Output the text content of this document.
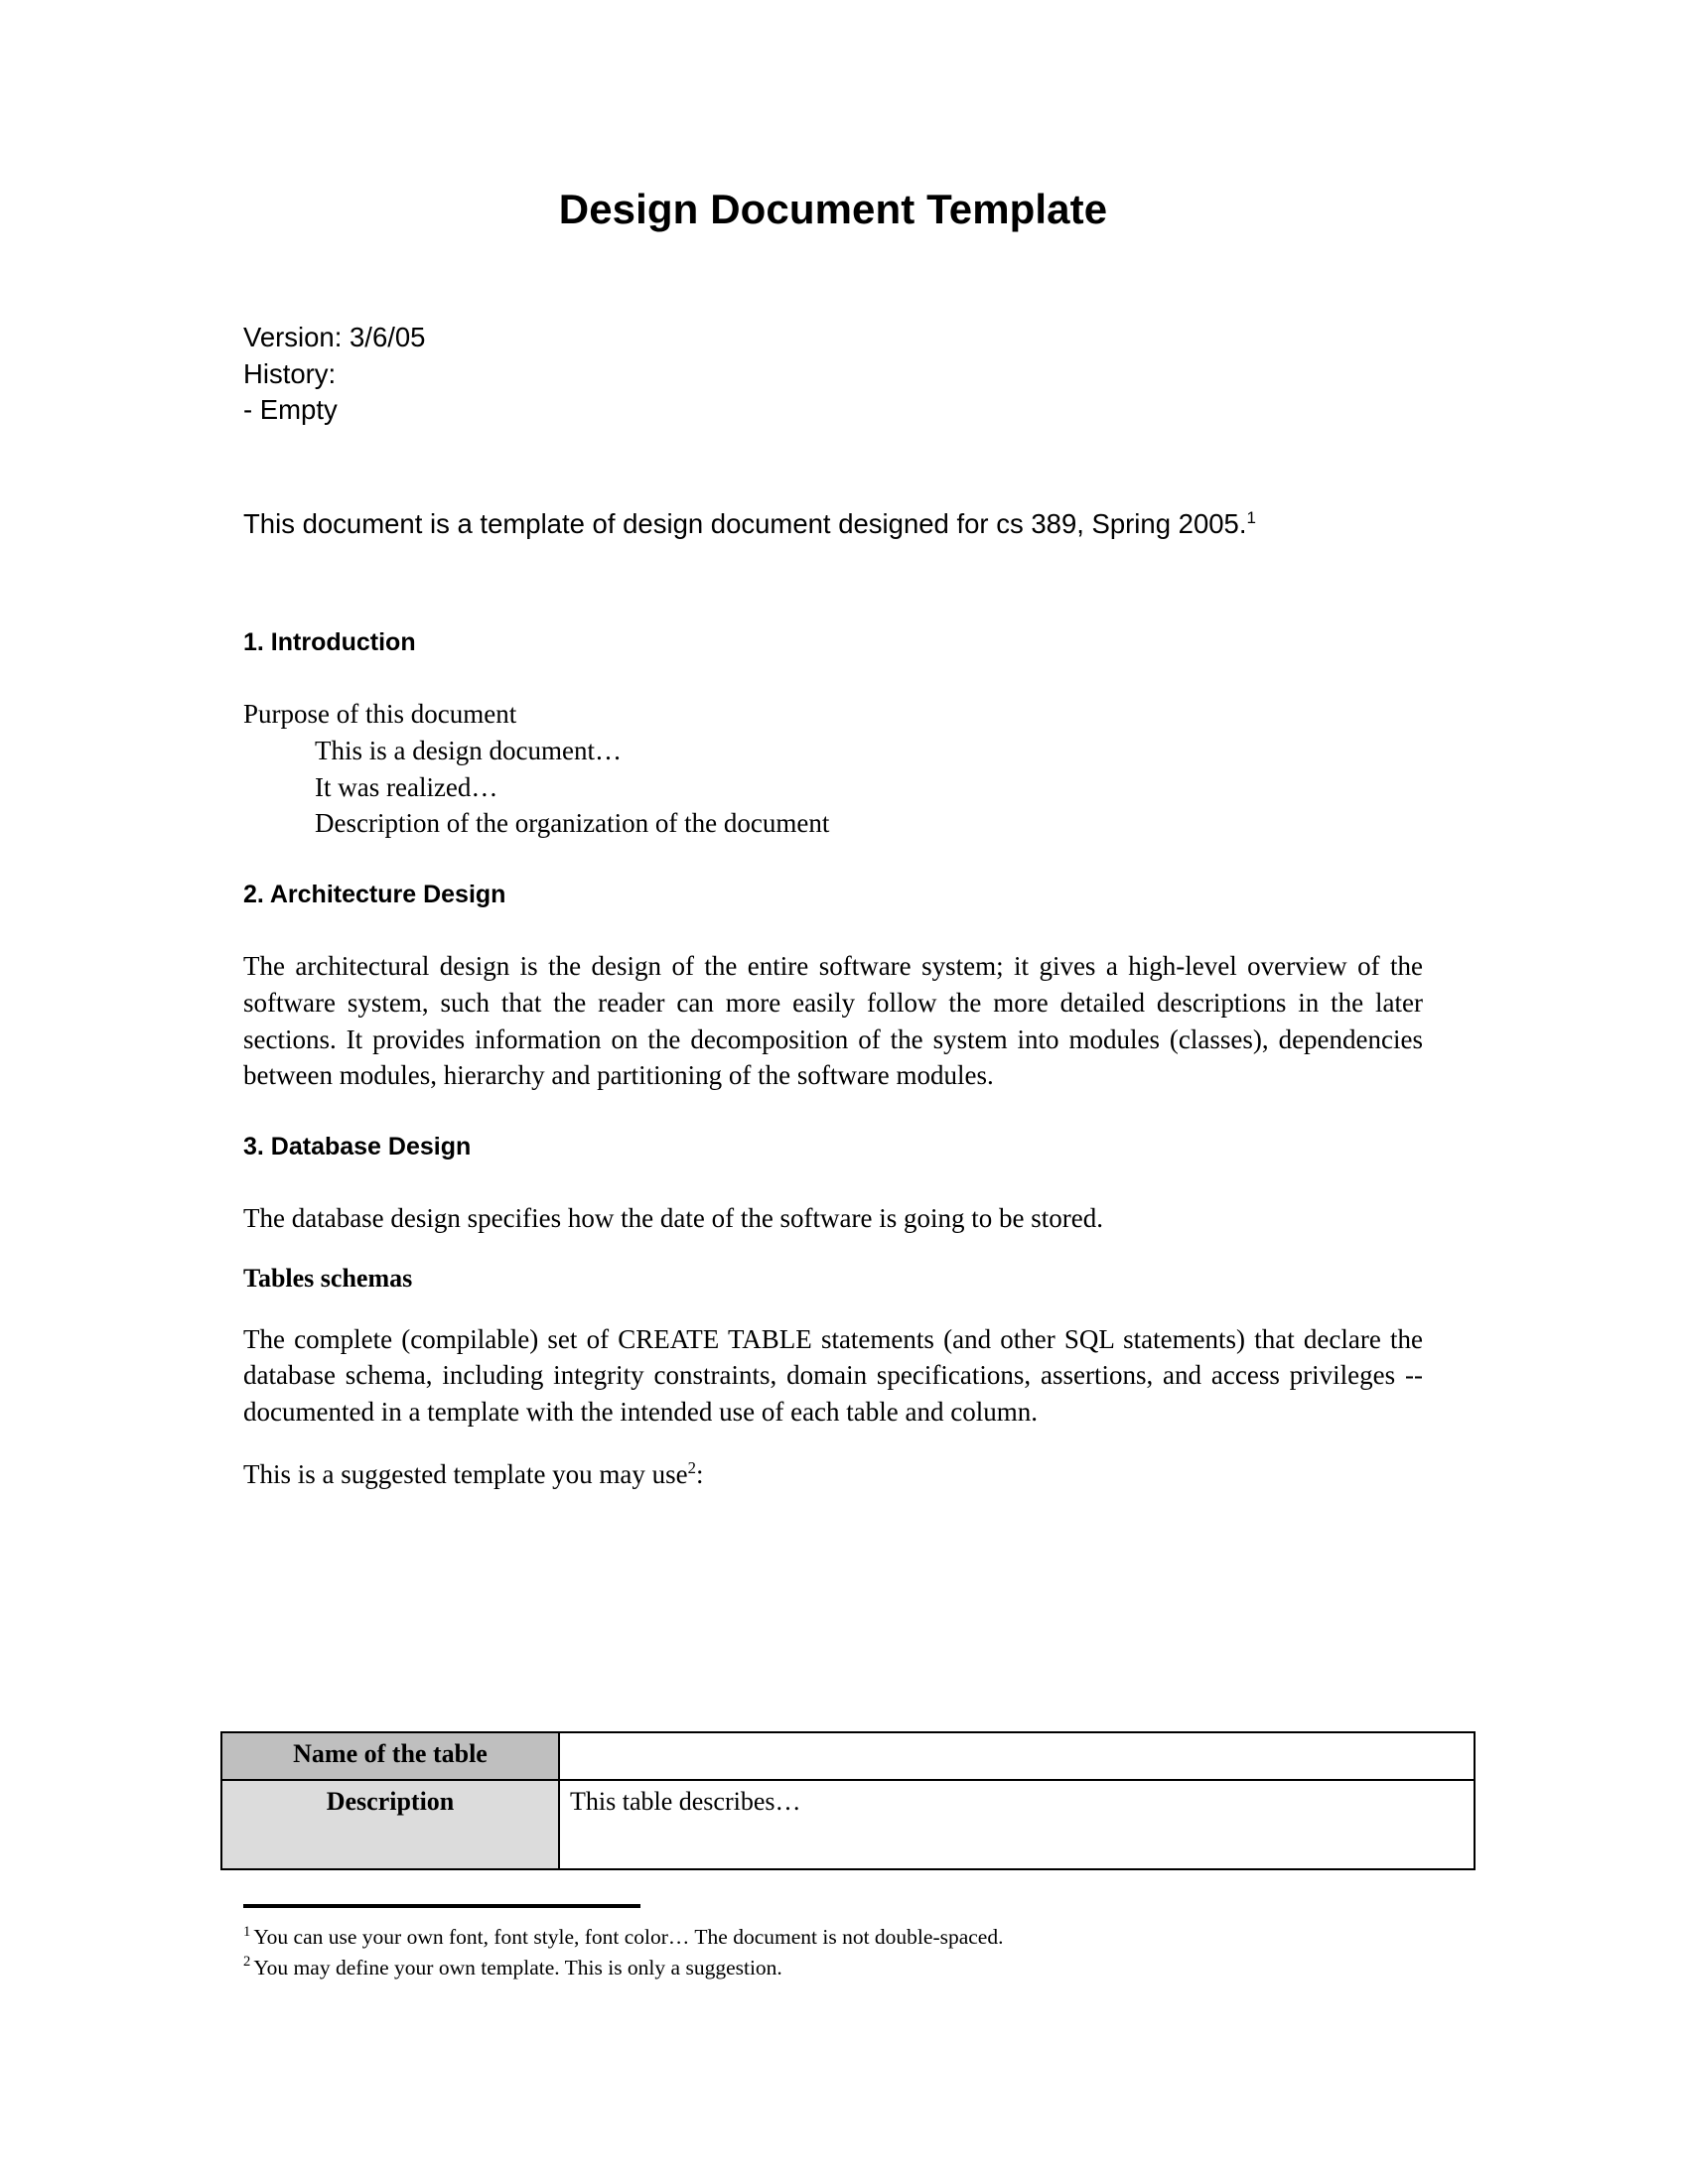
Design Document Template
Version: 3/6/05
History:
- Empty

This document is a template of design document designed for cs 389, Spring 2005.$^1$

1. Introduction
Purpose of this document
This is a design document…
It was realized…
Description of the organization of the document
2. Architecture Design

The architectural design is the design of the entire software system; it gives a high-level overview of the software system, such that the reader can more easily follow the more detailed descriptions in the later sections. It provides information on the decomposition of the system into modules (classes), dependencies between modules, hierarchy and partitioning of the software modules.

3. Database Design

The database design specifies how the date of the software is going to be stored.

Tables schemas

The complete (compilable) set of CREATE TABLE statements (and other SQL statements) that declare the database schema, including integrity constraints, domain specifications, assertions, and access privileges -- documented in a template with the intended use of each table and column.

This is a suggested template you may use$^2$:

Name of the table	
Description	This table describes…
$^1$ You can use your own font, font style, font color… The document is not double-spaced.
$^2$ You may define your own template. This is only a suggestion.
